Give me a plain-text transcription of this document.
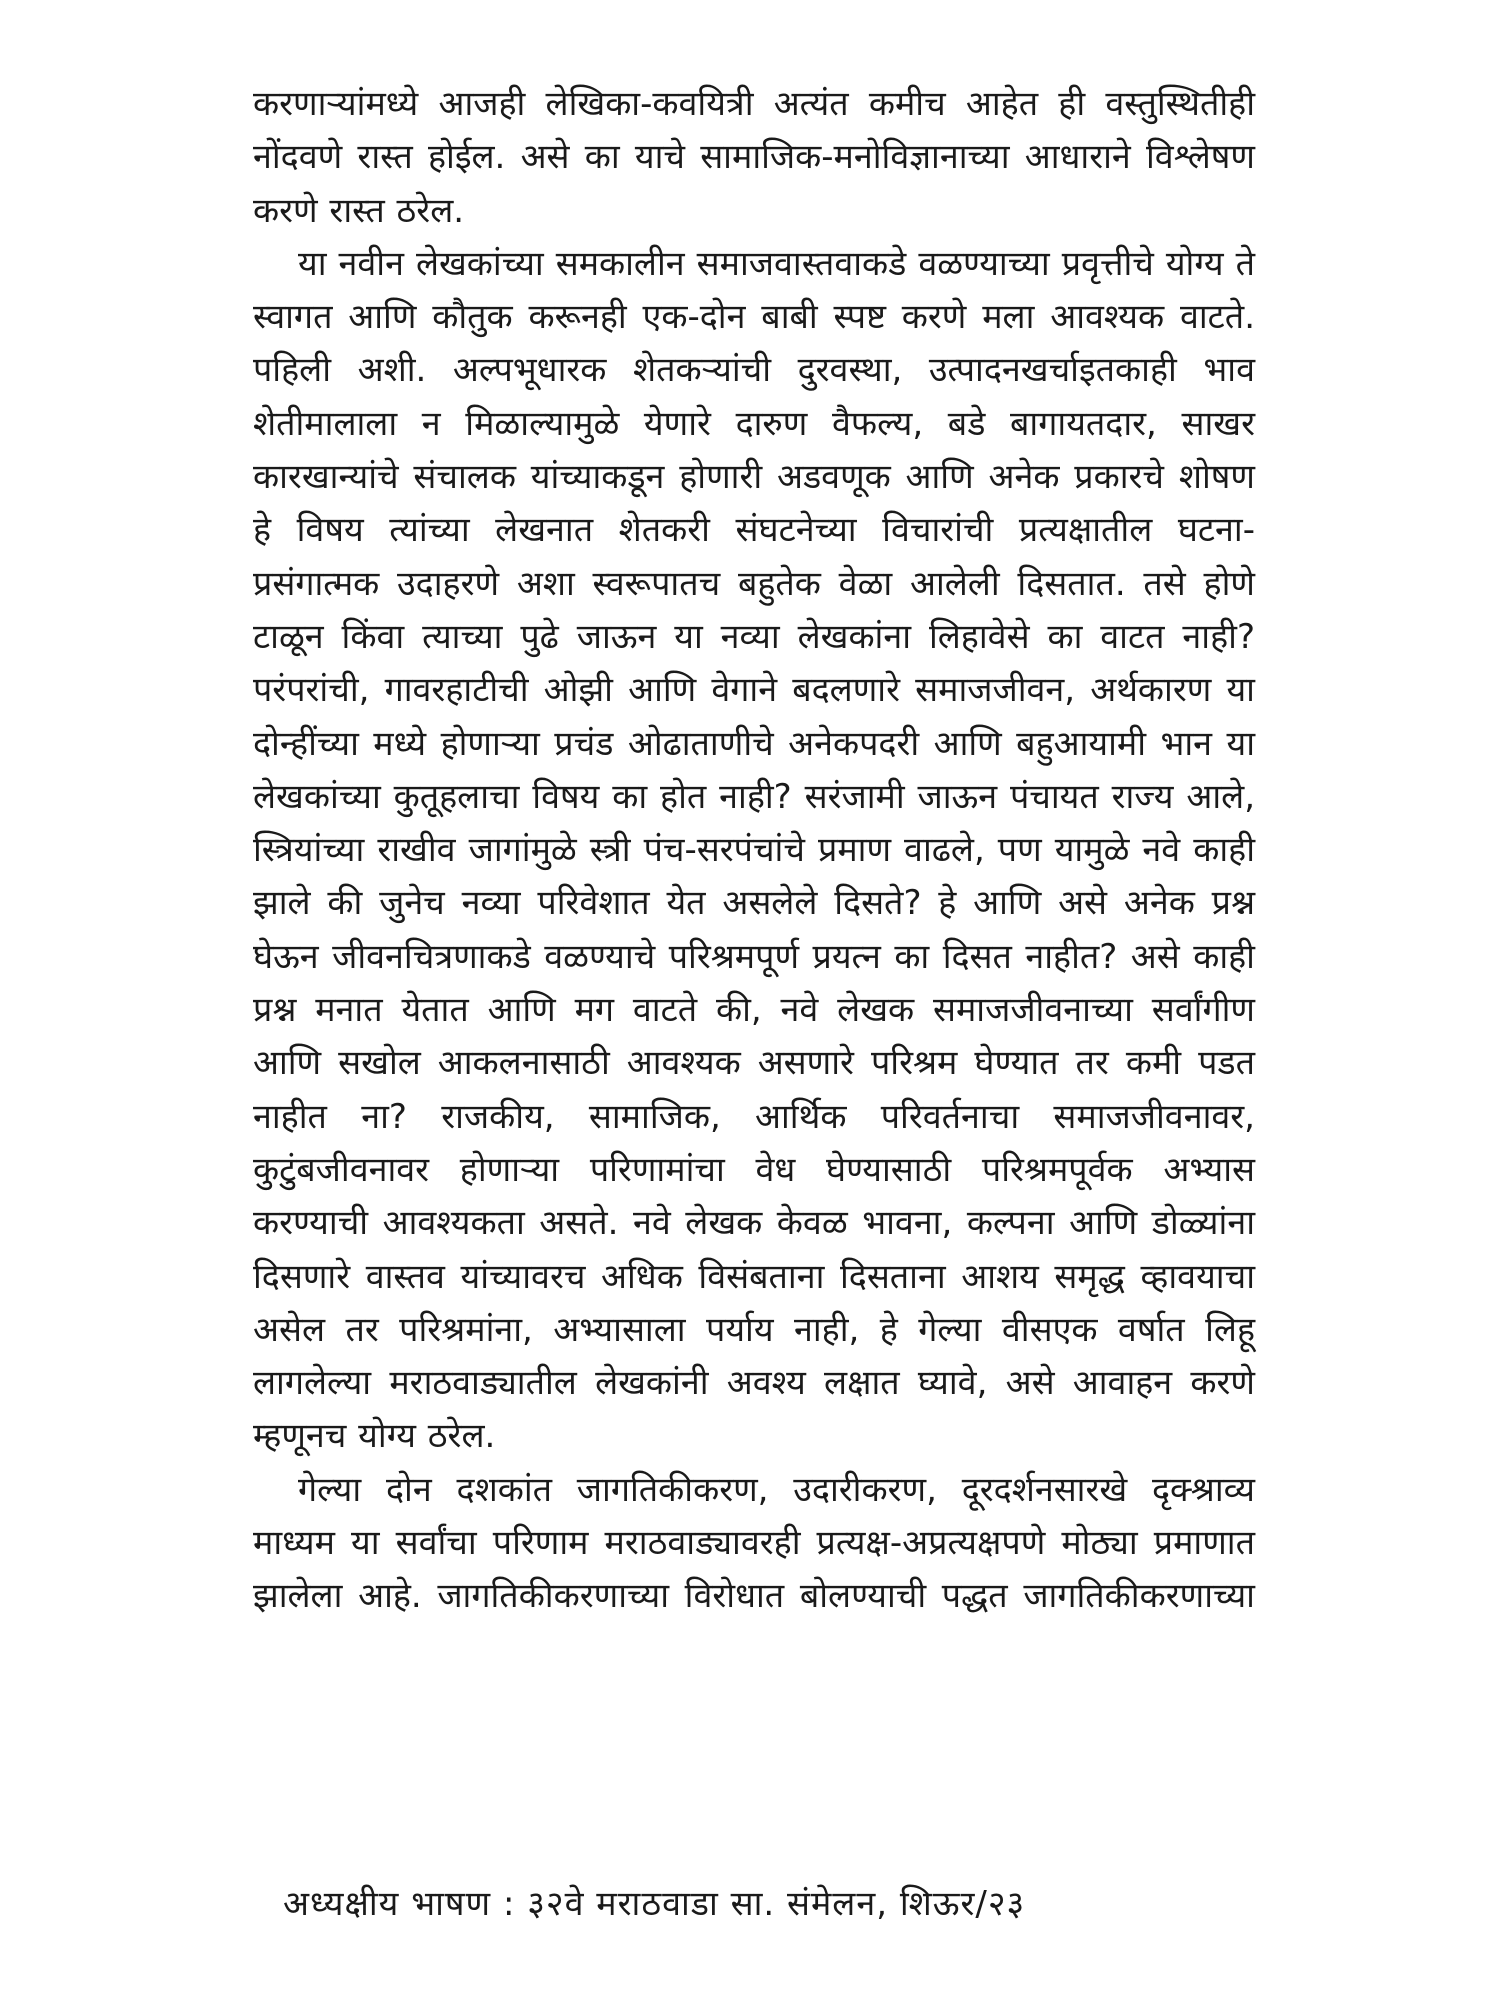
करणाऱ्यांमध्ये आजही लेखिका-कवयित्री अत्यंत कमीच आहेत ही वस्तुस्थितीही नोंदवणे रास्त होईल. असे का याचे सामाजिक-मनोविज्ञानाच्या आधाराने विश्लेषण करणे रास्त ठरेल.

या नवीन लेखकांच्या समकालीन समाजवास्तवाकडे वळण्याच्या प्रवृत्तीचे योग्य ते स्वागत आणि कौतुक करूनही एक-दोन बाबी स्पष्ट करणे मला आवश्यक वाटते. पहिली अशी. अल्पभूधारक शेतकऱ्यांची दुरवस्था, उत्पादनखर्चाइतकाही भाव शेतीमालाला न मिळाल्यामुळे येणारे दारुण वैफल्य, बडे बागायतदार, साखर कारखान्यांचे संचालक यांच्याकडून होणारी अडवणूक आणि अनेक प्रकारचे शोषण हे विषय त्यांच्या लेखनात शेतकरी संघटनेच्या विचारांची प्रत्यक्षातील घटना-प्रसंगात्मक उदाहरणे अशा स्वरूपातच बहुतेक वेळा आलेली दिसतात. तसे होणे टाळून किंवा त्याच्या पुढे जाऊन या नव्या लेखकांना लिहावेसे का वाटत नाही? परंपरांची, गावरहाटीची ओझी आणि वेगाने बदलणारे समाजजीवन, अर्थकारण या दोन्हींच्या मध्ये होणाऱ्या प्रचंड ओढाताणीचे अनेकपदरी आणि बहुआयामी भान या लेखकांच्या कुतूहलाचा विषय का होत नाही? सरंजामी जाऊन पंचायत राज्य आले, स्त्रियांच्या राखीव जागांमुळे स्त्री पंच-सरपंचांचे प्रमाण वाढले, पण यामुळे नवे काही झाले की जुनेच नव्या परिवेशात येत असलेले दिसते? हे आणि असे अनेक प्रश्न घेऊन जीवनचित्रणाकडे वळण्याचे परिश्रमपूर्ण प्रयत्न का दिसत नाहीत? असे काही प्रश्न मनात येतात आणि मग वाटते की, नवे लेखक समाजजीवनाच्या सर्वांगीण आणि सखोल आकलनासाठी आवश्यक असणारे परिश्रम घेण्यात तर कमी पडत नाहीत ना? राजकीय, सामाजिक, आर्थिक परिवर्तनाचा समाजजीवनावर, कुटुंबजीवनावर होणाऱ्या परिणामांचा वेध घेण्यासाठी परिश्रमपूर्वक अभ्यास करण्याची आवश्यकता असते. नवे लेखक केवळ भावना, कल्पना आणि डोळ्यांना दिसणारे वास्तव यांच्यावरच अधिक विसंबताना दिसताना आशय समृद्ध व्हावयाचा असेल तर परिश्रमांना, अभ्यासाला पर्याय नाही, हे गेल्या वीसएक वर्षात लिहू लागलेल्या मराठवाड्यातील लेखकांनी अवश्य लक्षात घ्यावे, असे आवाहन करणे म्हणूनच योग्य ठरेल.

गेल्या दोन दशकांत जागतिकीकरण, उदारीकरण, दूरदर्शनसारखे दृक्श्राव्य माध्यम या सर्वांचा परिणाम मराठवाड्यावरही प्रत्यक्ष-अप्रत्यक्षपणे मोठ्या प्रमाणात झालेला आहे. जागतिकीकरणाच्या विरोधात बोलण्याची पद्धत जागतिकीकरणाच्या

अध्यक्षीय भाषण : ३२वे मराठवाडा सा. संमेलन, शिऊर/२३
